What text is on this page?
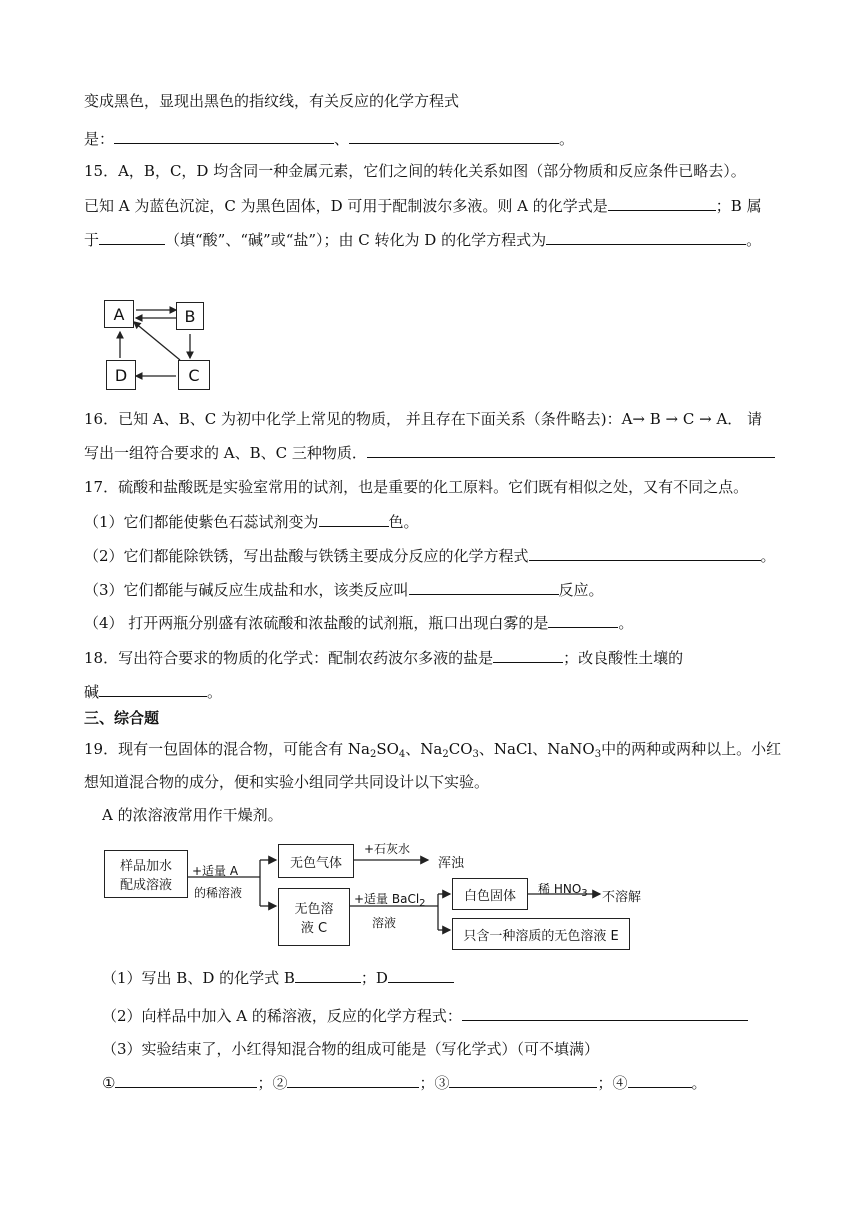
变成黑色，显现出黑色的指纹线，有关反应的化学方程式
是：	、	。
15．A，B，C，D 均含同一种金属元素，它们之间的转化关系如图（部分物质和反应条件已略去）。
已知 A 为蓝色沉淀，C 为黑色固体，D 可用于配制波尔多液。则 A 的化学式是	；B 属
于	（填“酸”、“碱”或“盐”）；由 C 转化为 D 的化学方程式为	。
A	B
D	C
16．已知 A、B、C 为初中化学上常见的物质， 并且存在下面关系（条件略去)：A→ B → C → A． 请
写出一组符合要求的 A、B、C 三种物质．
17．硫酸和盐酸既是实验室常用的试剂，也是重要的化工原料。它们既有相似之处，又有不同之点。
（1）它们都能使紫色石蕊试剂变为	色。
（2）它们都能除铁锈，写出盐酸与铁锈主要成分反应的化学方程式	。
（3）它们都能与碱反应生成盐和水，该类反应叫	反应。
（4） 打开两瓶分别盛有浓硫酸和浓盐酸的试剂瓶，瓶口出现白雾的是	。
18．写出符合要求的物质的化学式：配制农药波尔多液的盐是	；改良酸性土壤的
碱	。
三、综合题
19．现有一包固体的混合物，可能含有 $Na_2SO_4$、$Na_2CO_3$、NaCl、NaNO$_3$中的两种或两种以上。小红
想知道混合物的成分，便和实验小组同学共同设计以下实验。
A 的浓溶液常用作干燥剂。
样品加水
配成溶液
+适量 A
的稀溶液
无色气体
+石灰水
浑浊
无色溶
液 C
+适量 BaCl$_2$
溶液
白色固体 稀 $HNO_3$ 不溶解
只含一种溶质的无色溶液 E
（1）写出 B、D 的化学式 B	；D
（2）向样品中加入 A 的稀溶液，反应的化学方程式：
（3）实验结束了，小红得知混合物的组成可能是（写化学式）（可不填满）
①	；②	；③	；④	。
